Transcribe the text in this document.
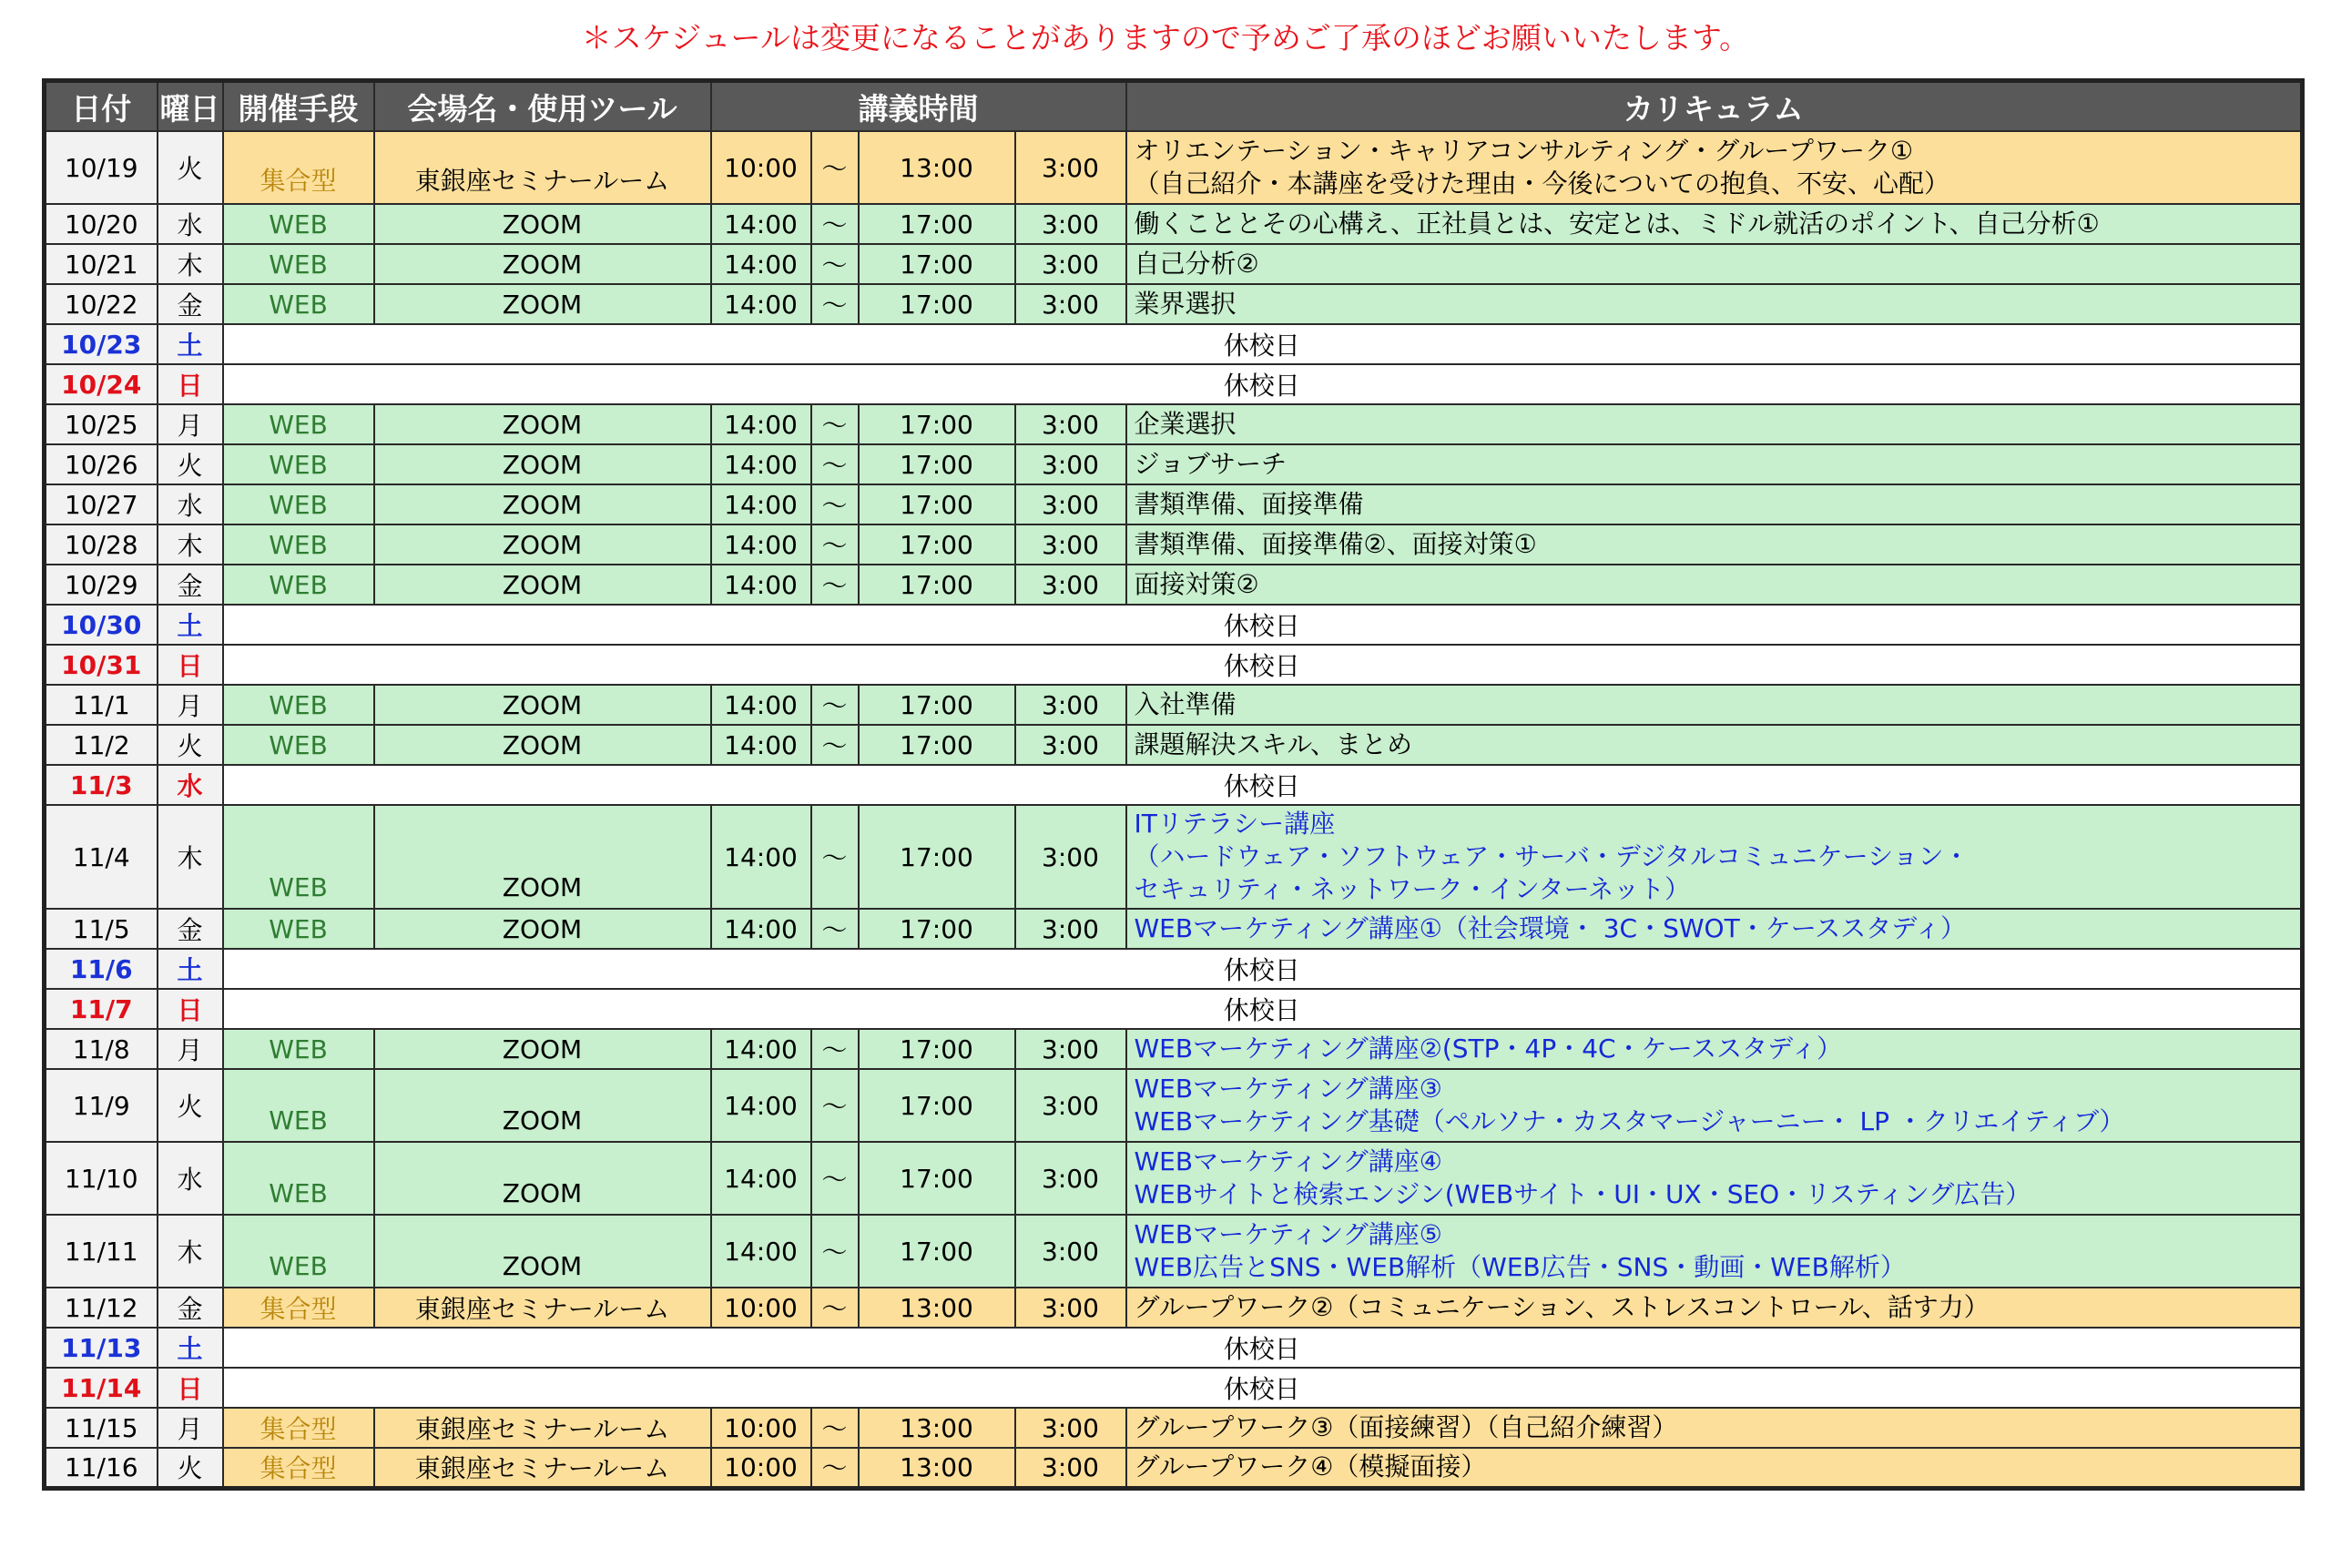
＊スケジュールは変更になることがありますので予めご了承のほどお願いいたします。
日付	曜日	開催手段	会場名・使用ツール	講義時間				カリキュラム
10/19	火	集合型	東銀座セミナールーム	10:00	～	13:00	3:00	オリエンテーション・キャリアコンサルティング・グループワーク①
（自己紹介・本講座を受けた理由・今後についての抱負、不安、心配）

10/20	水	WEB	ZOOM	14:00	～	17:00	3:00	働くこととその心構え、正社員とは、安定とは、ミドル就活のポイント、自己分析①

10/21	木	WEB	ZOOM	14:00	～	17:00	3:00	自己分析②

10/22	金	WEB	ZOOM	14:00	～	17:00	3:00	業界選択

10/23	土	休校日						
10/24	日	休校日						
10/25	月	WEB	ZOOM	14:00	～	17:00	3:00	企業選択

10/26	火	WEB	ZOOM	14:00	～	17:00	3:00	ジョブサーチ

10/27	水	WEB	ZOOM	14:00	～	17:00	3:00	書類準備、面接準備

10/28	木	WEB	ZOOM	14:00	～	17:00	3:00	書類準備、面接準備②、面接対策①

10/29	金	WEB	ZOOM	14:00	～	17:00	3:00	面接対策②

10/30	土	休校日						
10/31	日	休校日						
11/1	月	WEB	ZOOM	14:00	～	17:00	3:00	入社準備

11/2	火	WEB	ZOOM	14:00	～	17:00	3:00	課題解決スキル、まとめ

11/3	水	休校日						
11/4	木	WEB	ZOOM	14:00	～	17:00	3:00	ITリテラシー講座
（ハードウェア・ソフトウェア・サーバ・デジタルコミュニケーション・
セキュリティ・ネットワーク・インターネット）

11/5	金	WEB	ZOOM	14:00	～	17:00	3:00	WEBマーケティング講座①（社会環境・ 3C・SWOT・ケーススタディ）

11/6	土	休校日						
11/7	日	休校日						
11/8	月	WEB	ZOOM	14:00	～	17:00	3:00	WEBマーケティング講座②(STP・4P・4C・ケーススタディ）

11/9	火	WEB	ZOOM	14:00	～	17:00	3:00	WEBマーケティング講座③
WEBマーケティング基礎（ペルソナ・カスタマージャーニー・ LP ・クリエイティブ）

11/10	水	WEB	ZOOM	14:00	～	17:00	3:00	WEBマーケティング講座④
WEBサイトと検索エンジン(WEBサイト・UI・UX・SEO・リスティング広告）

11/11	木	WEB	ZOOM	14:00	～	17:00	3:00	WEBマーケティング講座⑤
WEB広告とSNS・WEB解析（WEB広告・SNS・動画・WEB解析）

11/12	金	集合型	東銀座セミナールーム	10:00	～	13:00	3:00	グループワーク②（コミュニケーション、ストレスコントロール、話す力）

11/13	土	休校日						
11/14	日	休校日						
11/15	月	集合型	東銀座セミナールーム	10:00	～	13:00	3:00	グループワーク③（面接練習）（自己紹介練習）

11/16	火	集合型	東銀座セミナールーム	10:00	～	13:00	3:00	グループワーク④（模擬面接）
